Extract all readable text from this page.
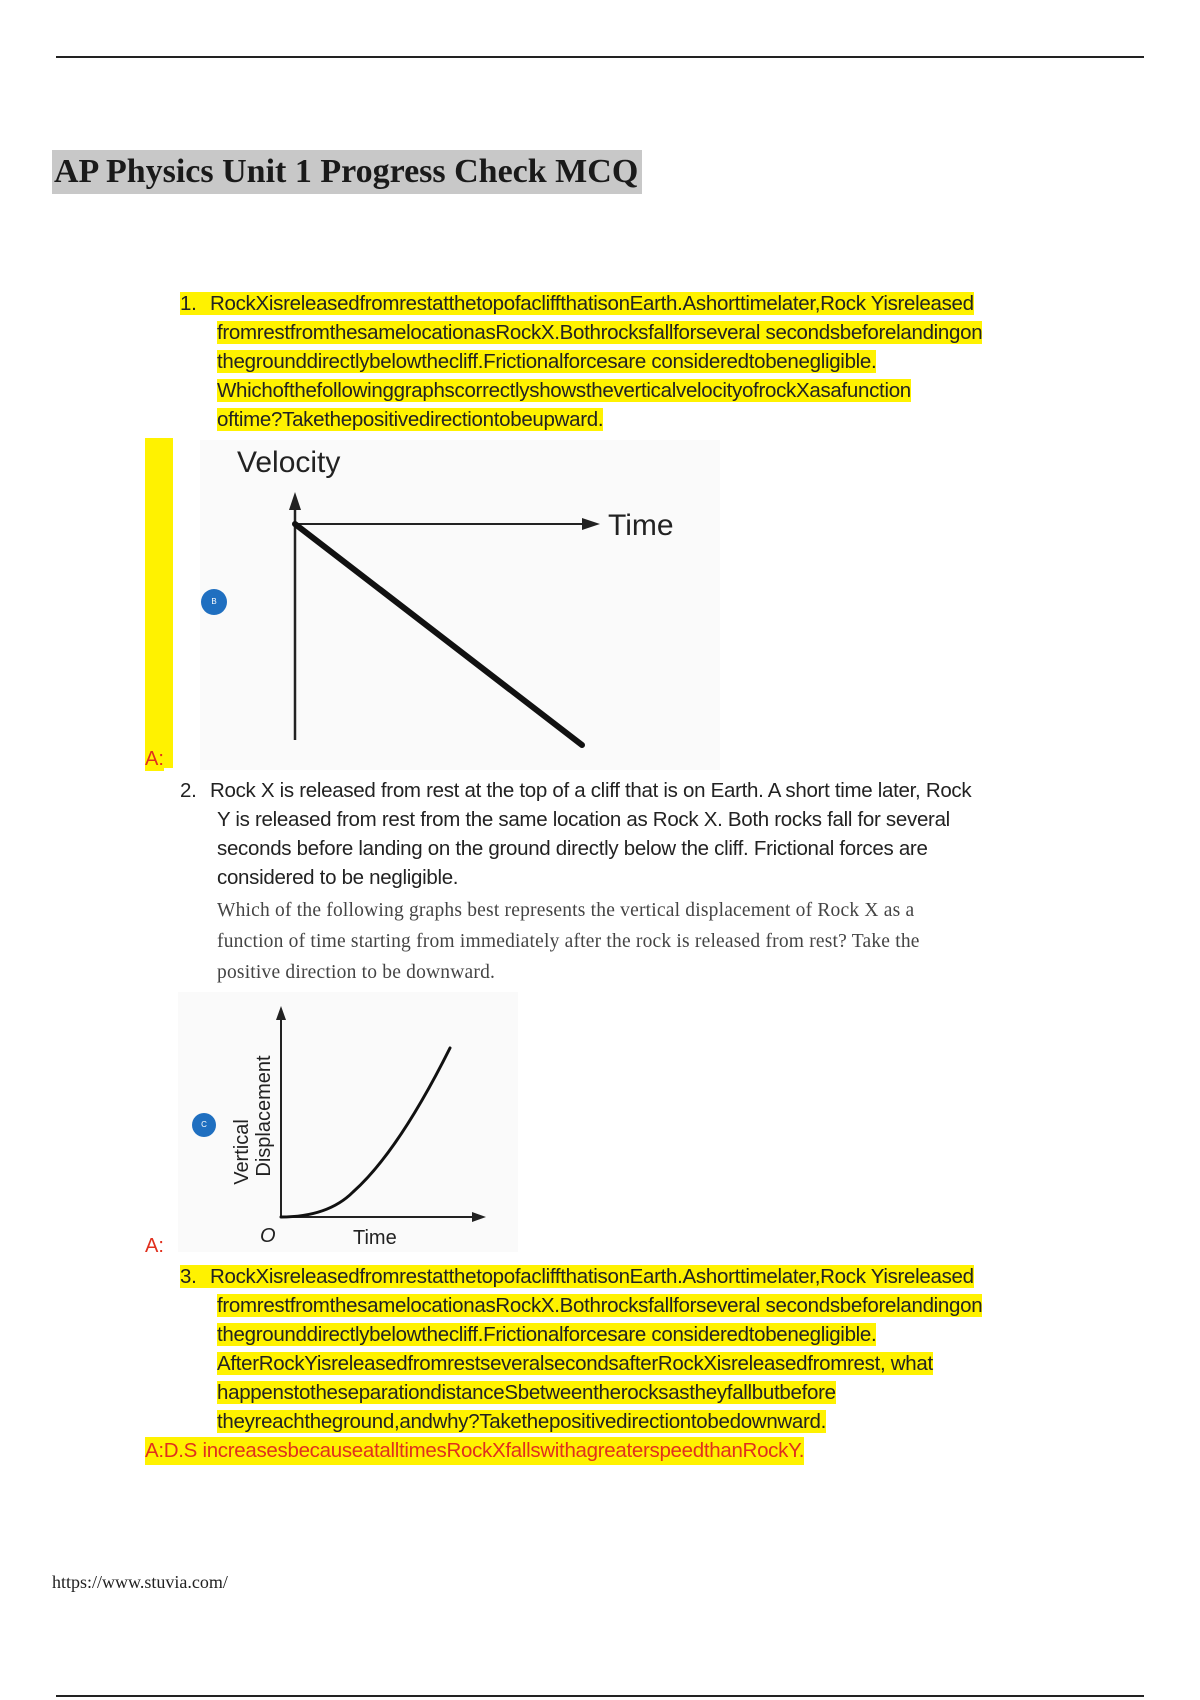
AP Physics Unit 1 Progress Check MCQ
1. RockXisreleasedfromrestatthetopofacliffthatisonEarth.Ashorttimelater,Rock Yisreleased
fromrestfromthesamelocationasRockX.Bothrocksfallforseveral secondsbeforelandingon
thegrounddirectlybelowthecliff.Frictionalforcesare consideredtobenegligible.
WhichofthefollowinggraphscorrectlyshowstheverticalvelocityofrockXasafunction
oftime?Takethepositivedirectiontobeupward.
A:
Velocity
Time
B
2. Rock X is released from rest at the top of a cliff that is on Earth. A short time later, Rock
Y is released from rest from the same location as Rock X. Both rocks fall for several
seconds before landing on the ground directly below the cliff. Frictional forces are
considered to be negligible.
Which of the following graphs best represents the vertical displacement of Rock X as a
function of time starting from immediately after the rock is released from rest? Take the
positive direction to be downward.
O	Time
Vertical Displacement
C
A:
3. RockXisreleasedfromrestatthetopofacliffthatisonEarth.Ashorttimelater,Rock Yisreleased
fromrestfromthesamelocationasRockX.Bothrocksfallforseveral secondsbeforelandingon
thegrounddirectlybelowthecliff.Frictionalforcesare consideredtobenegligible.
AfterRockYisreleasedfromrestseveralsecondsafterRockXisreleasedfromrest, what
happenstotheseparationdistanceSbetweentherocksastheyfallbutbefore
theyreachtheground,andwhy?Takethepositivedirectiontobedownward.
A:D.S increasesbecauseatalltimesRockXfallswithagreaterspeedthanRockY.
https://www.stuvia.com/
